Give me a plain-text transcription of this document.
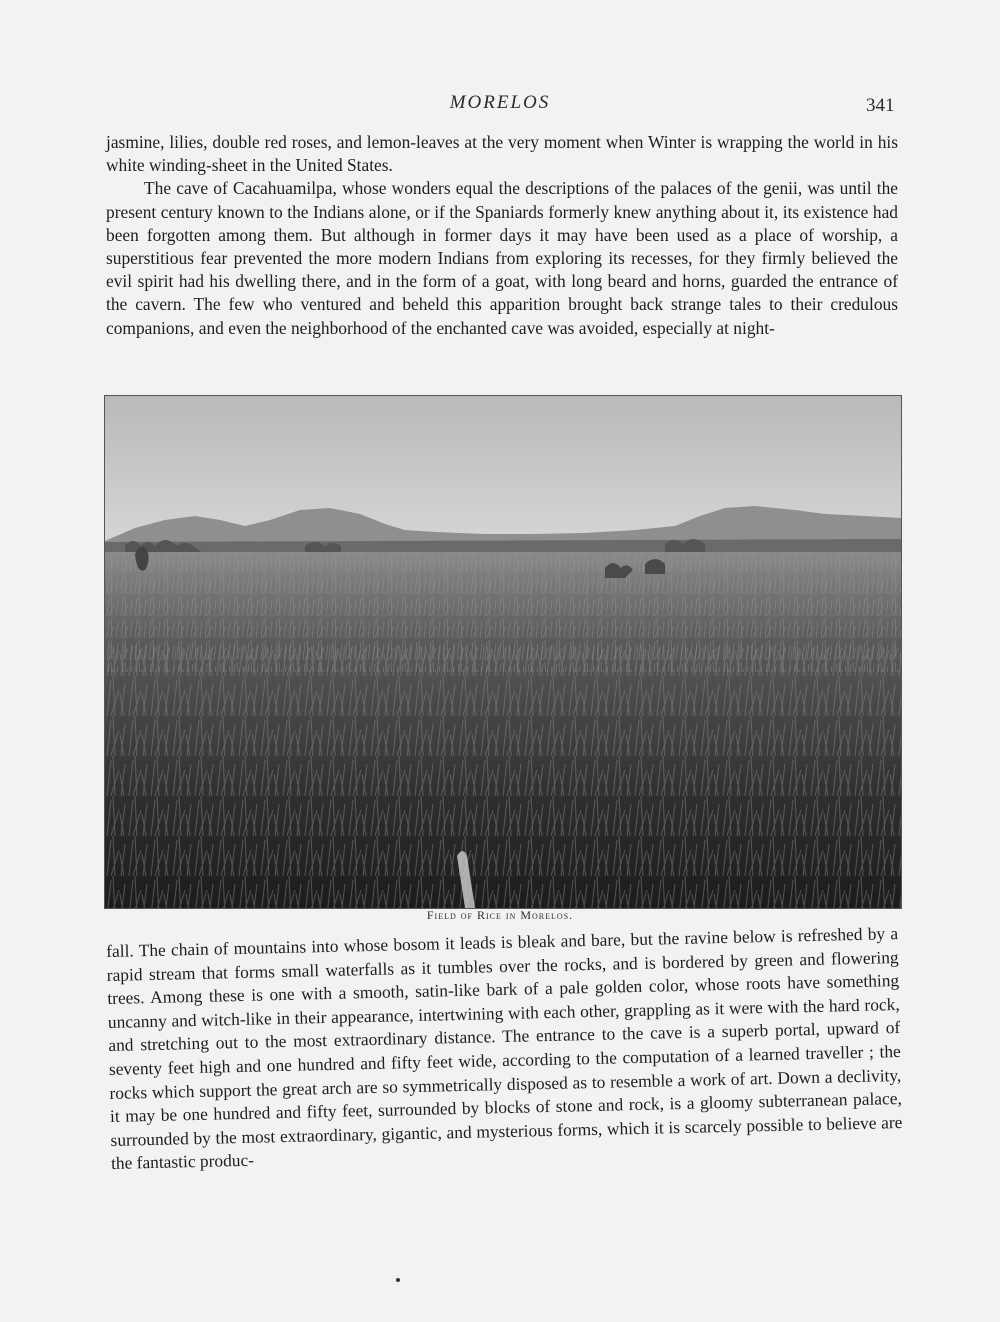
MORELOS	341
jasmine, lilies, double red roses, and lemon-leaves at the very moment when Winter is wrapping the world in his white winding-sheet in the United States.
The cave of Cacahuamilpa, whose wonders equal the descriptions of the palaces of the genii, was until the present century known to the Indians alone, or if the Spaniards formerly knew anything about it, its existence had been forgotten among them. But although in former days it may have been used as a place of worship, a superstitious fear prevented the more modern Indians from exploring its recesses, for they firmly believed the evil spirit had his dwelling there, and in the form of a goat, with long beard and horns, guarded the entrance of the cavern. The few who ventured and beheld this apparition brought back strange tales to their credulous companions, and even the neighborhood of the enchanted cave was avoided, especially at night-
Field of Rice in Morelos.
fall. The chain of mountains into whose bosom it leads is bleak and bare, but the ravine below is refreshed by a rapid stream that forms small waterfalls as it tumbles over the rocks, and is bordered by green and flowering trees. Among these is one with a smooth, satin-like bark of a pale golden color, whose roots have something uncanny and witch-like in their appearance, intertwining with each other, grappling as it were with the hard rock, and stretching out to the most extraordinary distance. The entrance to the cave is a superb portal, upward of seventy feet high and one hundred and fifty feet wide, according to the computation of a learned traveller ; the rocks which support the great arch are so symmetrically disposed as to resemble a work of art. Down a declivity, it may be one hundred and fifty feet, surrounded by blocks of stone and rock, is a gloomy subterranean palace, surrounded by the most extraordinary, gigantic, and mysterious forms, which it is scarcely possible to believe are the fantastic produc-
